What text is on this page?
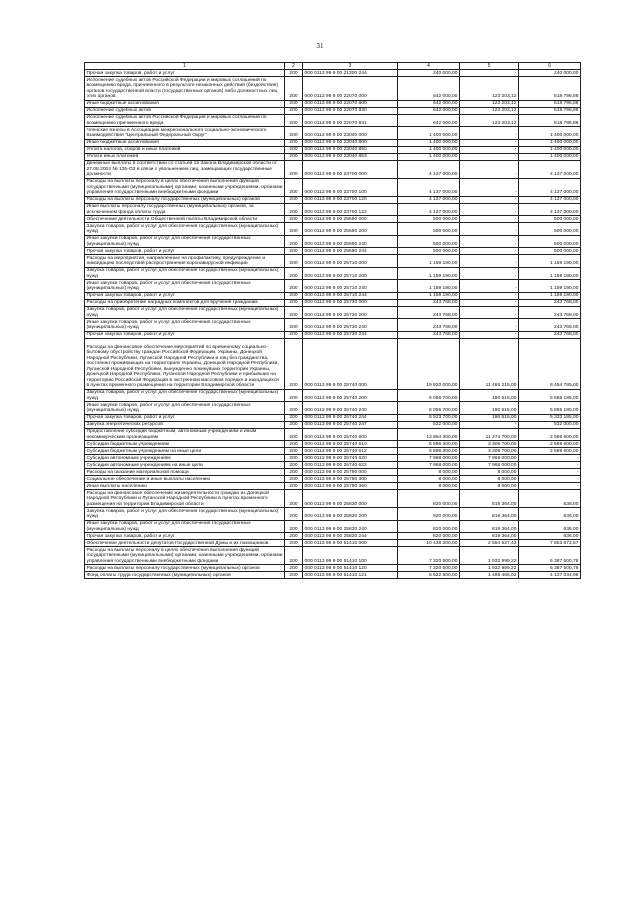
31
1	2	3	4	5	6
Прочая закупка товаров, работ и услуг	200	000 0113 99 9 00 21300 244	240 000,00	-	240 000,00
Исполнение судебных актов Российской Федерации и мировых соглашений по возмещению вреда, причиненного в результате незаконных действий (бездействия) органов государственной власти (государственных органов) либо должностных лиц этих органов	200	000 0113 99 9 00 22070 000	642 000,00	123 203,12	518 796,88
Иные бюджетные ассигнования	200	000 0113 99 9 00 22070 800	642 000,00	123 203,12	518 796,88
Исполнение судебных актов	200	000 0113 99 9 00 22070 830	642 000,00	123 203,12	518 796,88
Исполнение судебных актов Российской Федерации и мировых соглашений по возмещению причиненного вреда	200	000 0113 99 9 00 22070 831	642 000,00	123 203,12	518 796,88
Членские взносы в Ассоциацию межрегионального социально-экономического взаимодействия "Центральный Федеральный Округ"	200	000 0113 99 9 00 23040 000	1 400 000,00	-	1 400 000,00
Иные бюджетные ассигнования	200	000 0113 99 9 00 23040 800	1 400 000,00	-	1 400 000,00
Уплата налогов, сборов и иных платежей	200	000 0113 99 9 00 23040 850	1 400 000,00	-	1 400 000,00
Уплата иных платежей	200	000 0113 99 9 00 23040 853	1 400 000,00	-	1 400 000,00
Денежные выплаты в соответствии со статьей 15 Закона Владимирской области от 27.08.2004 № 135-ОЗ в связи с увольнением лиц, замещающих государственные должности	200	000 0113 99 9 00 23700 000	4 137 000,00	-	4 137 000,00
Расходы на выплаты персоналу в целях обеспечения выполнения функций государственными (муниципальными) органами, казенными учреждениями, органами управления государственными внебюджетными фондами	200	000 0113 99 9 00 23700 100	4 137 000,00	-	4 137 000,00
Расходы на выплаты персоналу государственных (муниципальных) органов	200	000 0113 99 9 00 23700 120	4 137 000,00	-	4 137 000,00
Иные выплаты персоналу государственных (муниципальных) органов, за исключением фонда оплаты труда	200	000 0113 99 9 00 23700 122	4 137 000,00	-	4 137 000,00
Обеспечение деятельности Общественной палаты Владимирской области	200	000 0113 99 9 00 25590 000	500 000,00	-	500 000,00
Закупка товаров, работ и услуг для обеспечения государственных (муниципальных) нужд	200	000 0113 99 9 00 25590 200	500 000,00	-	500 000,00
Иные закупки товаров, работ и услуг для обеспечения государственных (муниципальных) нужд	200	000 0113 99 9 00 25590 240	500 000,00	-	500 000,00
Прочая закупка товаров, работ и услуг	200	000 0113 99 9 00 25590 244	500 000,00	-	500 000,00
Расходы на мероприятия, направленные на профилактику, предупреждение и ликвидацию последствий распространения коронавирусной инфекции	200	000 0113 99 9 00 25710 000	1 159 190,00	-	1 159 190,00
Закупка товаров, работ и услуг для обеспечения государственных (муниципальных) нужд	200	000 0113 99 9 00 25710 200	1 159 190,00	-	1 159 190,00
Иные закупки товаров, работ и услуг для обеспечения государственных (муниципальных) нужд	200	000 0113 99 9 00 25710 240	1 159 190,00	-	1 159 190,00
Прочая закупка товаров, работ и услуг	200	000 0113 99 9 00 25710 244	1 159 190,00	-	1 159 190,00
Расходы на приобретение наградных комплектов для вручения гражданам	200	000 0113 99 9 00 25730 000	243 768,00	-	243 768,00
Закупка товаров, работ и услуг для обеспечения государственных (муниципальных) нужд	200	000 0113 99 9 00 25730 200	243 768,00	-	243 768,00
Иные закупки товаров, работ и услуг для обеспечения государственных (муниципальных) нужд	200	000 0113 99 9 00 25730 240	243 768,00	-	243 768,00
Прочая закупка товаров, работ и услуг	200	000 0113 99 9 00 25730 244	243 768,00	-	243 768,00
Расходы на финансовое обеспечение мероприятий по временному социально-бытовому обустройству граждан Российской Федерации, Украины, Донецкой Народной Республики, Луганской Народной Республики и лиц без гражданства, постоянно проживающих на территориях Украины, Донецкой Народной Республики, Луганской Народной Республики, вынужденно покинувших территории Украины, Донецкой Народной Республики, Луганской Народной Республики и прибывших на территорию Российской Федерации в экстренном массовом порядке и находящихся в пунктах временного размещения на территории Владимирской области	200	000 0113 99 9 00 25740 000	19 920 000,00	11 465 215,00	8 454 785,00
Закупка товаров, работ и услуг для обеспечения государственных (муниципальных) нужд	200	000 0113 99 9 00 25740 200	6 056 700,00	190 515,00	5 865 185,00
Иные закупки товаров, работ и услуг для обеспечения государственных (муниципальных) нужд	200	000 0113 99 9 00 25740 240	6 055 700,00	190 515,00	5 865 185,00
Прочая закупка товаров, работ и услуг	200	000 0113 99 9 00 25740 244	5 523 700,00	190 515,00	5 333 185,00
Закупка энергетических ресурсов	200	000 0113 99 9 00 25740 247	532 000,00	-	532 000,00
Предоставление субсидий бюджетным, автономным учреждениям и иным некоммерческим организациям	200	000 0113 99 9 00 25740 600	13 864 300,00	11 274 700,00	2 589 600,00
Субсидии бюджетным учреждениям	200	000 0113 99 9 00 25740 610	5 896 300,00	3 306 700,00	2 589 600,00
Субсидии бюджетным учреждениям на иные цели	200	000 0113 99 9 00 25740 612	5 896 300,00	3 306 700,00	2 589 600,00
Субсидии автономным учреждениям	200	000 0113 99 9 00 25740 620	7 968 000,00	7 968 000,00	-
Субсидии автономным учреждениям на иные цели	200	000 0113 99 9 00 25740 622	7 968 000,00	7 968 000,00	-
Расходы на оказание материальной помощи	200	000 0113 99 9 00 25790 000	8 000,00	8 000,00	-
Социальное обеспечение и иные выплаты населению	200	000 0113 99 9 00 25790 300	8 000,00	8 000,00	-
Иные выплаты населению	200	000 0113 99 9 00 25790 360	8 000,00	8 000,00	-
Расходы на финансовое обеспечение жизнедеятельности граждан из Донецкой Народной Республики и Луганской Народной Республики в пунктах временного размещения на территории Владимирской области	200	000 0113 99 9 00 25830 000	820 000,00	819 364,00	636,00
Закупка товаров, работ и услуг для обеспечения государственных (муниципальных) нужд	200	000 0113 99 9 00 25830 200	820 000,00	819 364,00	636,00
Иные закупки товаров, работ и услуг для обеспечения государственных (муниципальных) нужд	200	000 0113 99 9 00 25830 240	820 000,00	819 364,00	636,00
Прочая закупка товаров, работ и услуг	200	000 0113 99 9 00 25830 244	820 000,00	819 364,00	636,00
Обеспечение деятельности депутатов Государственной Думы и их помощников	200	000 0113 99 9 00 51410 000	10 438 200,00	2 584 527,43	7 853 672,57
Расходы на выплаты персоналу в целях обеспечения выполнения функций государственными (муниципальными) органами, казенными учреждениями, органами управления государственными внебюджетными фондами	200	000 0113 99 9 00 51410 100	7 320 500,00	1 932 999,22	5 387 500,78
Расходы на выплаты персоналу государственных (муниципальных) органов	200	000 0113 99 9 00 51410 120	7 320 500,00	1 932 999,22	5 387 500,78
Фонд оплаты труда государственных (муниципальных) органов	200	000 0113 99 9 00 51410 121	5 622 500,00	1 485 465,02	4 137 034,98
